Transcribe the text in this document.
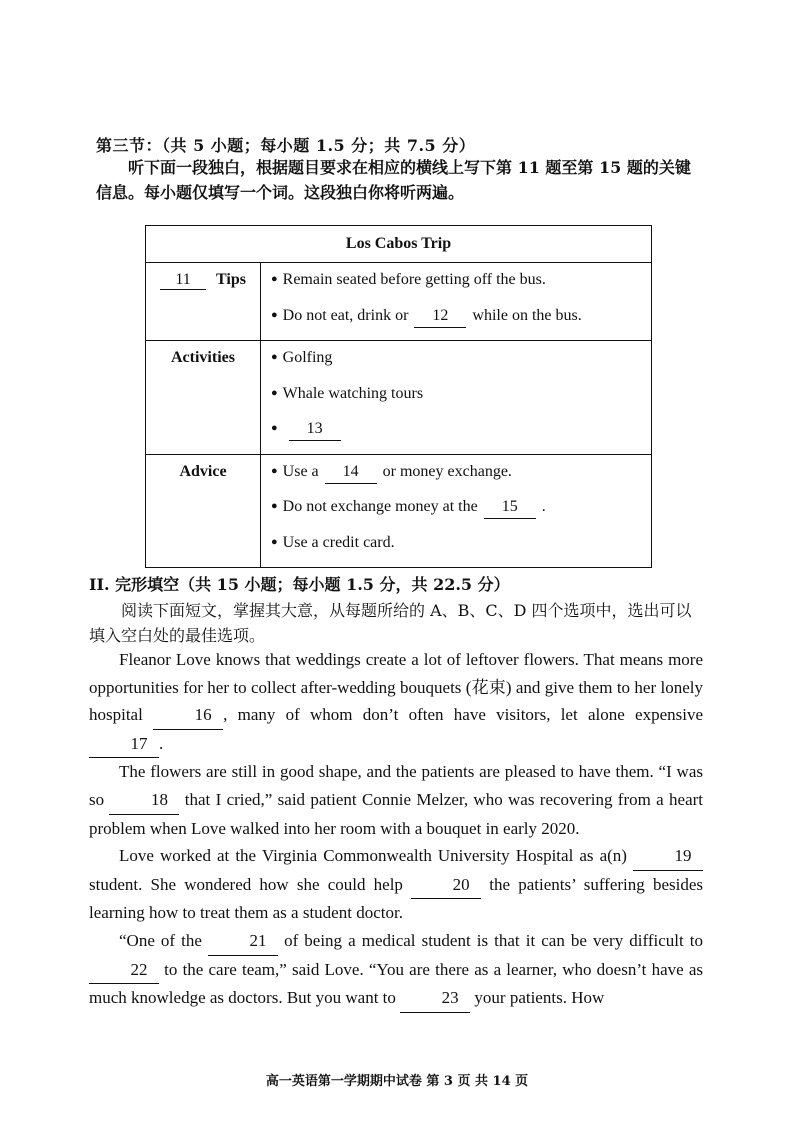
第三节：（共 5 小题；每小题 1.5 分；共 7.5 分）
听下面一段独白，根据题目要求在相应的横线上写下第 11 题至第 15 题的关键信息。每小题仅填写一个词。这段独白你将听两遍。
Los Cabos Trip	
11 Tips	● Remain seated before getting off the bus.
● Do not eat, drink or 12 while on the bus.

Activities	● Golfing
● Whale watching tours
● 13

Advice	● Use a 14 or money exchange.
● Do not exchange money at the 15 .
● Use a credit card.
II. 完形填空（共 15 小题；每小题 1.5 分，共 22.5 分）
阅读下面短文，掌握其大意，从每题所给的 A、B、C、D 四个选项中，选出可以填入空白处的最佳选项。

Fleanor Love knows that weddings create a lot of leftover flowers. That means more opportunities for her to collect after-wedding bouquets (花束) and give them to her lonely hospital 16 , many of whom don’t often have visitors, let alone expensive 17 .

The flowers are still in good shape, and the patients are pleased to have them. “I was so 18 that I cried,” said patient Connie Melzer, who was recovering from a heart problem when Love walked into her room with a bouquet in early 2020.

Love worked at the Virginia Commonwealth University Hospital as a(n) 19 student. She wondered how she could help 20 the patients’ suffering besides learning how to treat them as a student doctor.

“One of the 21 of being a medical student is that it can be very difficult to 22 to the care team,” said Love. “You are there as a learner, who doesn’t have as much knowledge as doctors. But you want to 23 your patients. How

高一英语第一学期期中试卷 第 3 页 共 14 页
